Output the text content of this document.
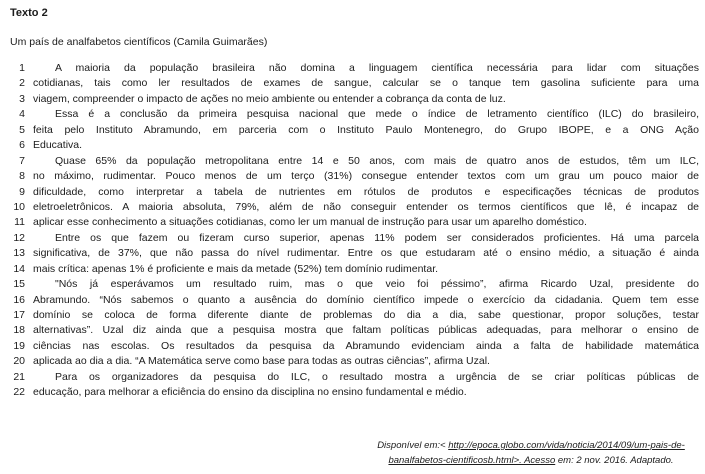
Texto 2
Um país de analfabetos científicos (Camila Guimarães)
1	A maioria da população brasileira não domina a linguagem científica necessária para lidar com situações
2 cotidianas, tais como ler resultados de exames de sangue, calcular se o tanque tem gasolina suficiente para uma
3 viagem, compreender o impacto de ações no meio ambiente ou entender a cobrança da conta de luz.
4	Essa é a conclusão da primeira pesquisa nacional que mede o índice de letramento científico (ILC) do brasileiro,
5 feita pelo Instituto Abramundo, em parceria com o Instituto Paulo Montenegro, do Grupo IBOPE, e a ONG Ação
6 Educativa.
7	Quase 65% da população metropolitana entre 14 e 50 anos, com mais de quatro anos de estudos, têm um ILC,
8 no máximo, rudimentar. Pouco menos de um terço (31%) consegue entender textos com um grau um pouco maior de
9 dificuldade, como interpretar a tabela de nutrientes em rótulos de produtos e especificações técnicas de produtos
10 eletroeletrônicos. A maioria absoluta, 79%, além de não conseguir entender os termos científicos que lê, é incapaz de
11 aplicar esse conhecimento a situações cotidianas, como ler um manual de instrução para usar um aparelho doméstico.
12	Entre os que fazem ou fizeram curso superior, apenas 11% podem ser considerados proficientes. Há uma parcela
13 significativa, de 37%, que não passa do nível rudimentar. Entre os que estudaram até o ensino médio, a situação é ainda
14 mais crítica: apenas 1% é proficiente e mais da metade (52%) tem domínio rudimentar.
15	"Nós já esperávamos um resultado ruim, mas o que veio foi péssimo”, afirma Ricardo Uzal, presidente do
16 Abramundo. “Nós sabemos o quanto a ausência do domínio científico impede o exercício da cidadania. Quem tem esse
17 domínio se coloca de forma diferente diante de problemas do dia a dia, sabe questionar, propor soluções, testar
18 alternativas”. Uzal diz ainda que a pesquisa mostra que faltam políticas públicas adequadas, para melhorar o ensino de
19 ciências nas escolas. Os resultados da pesquisa da Abramundo evidenciam ainda a falta de habilidade matemática
20 aplicada ao dia a dia. “A Matemática serve como base para todas as outras ciências”, afirma Uzal.
21	Para os organizadores da pesquisa do ILC, o resultado mostra a urgência de se criar políticas públicas de
22 educação, para melhorar a eficiência do ensino da disciplina no ensino fundamental e médio.
Disponível em:< http://epoca.globo.com/vida/noticia/2014/09/um-pais-de-banalfabetos-cientificosb.html>. Acesso em: 2 nov. 2016. Adaptado.
